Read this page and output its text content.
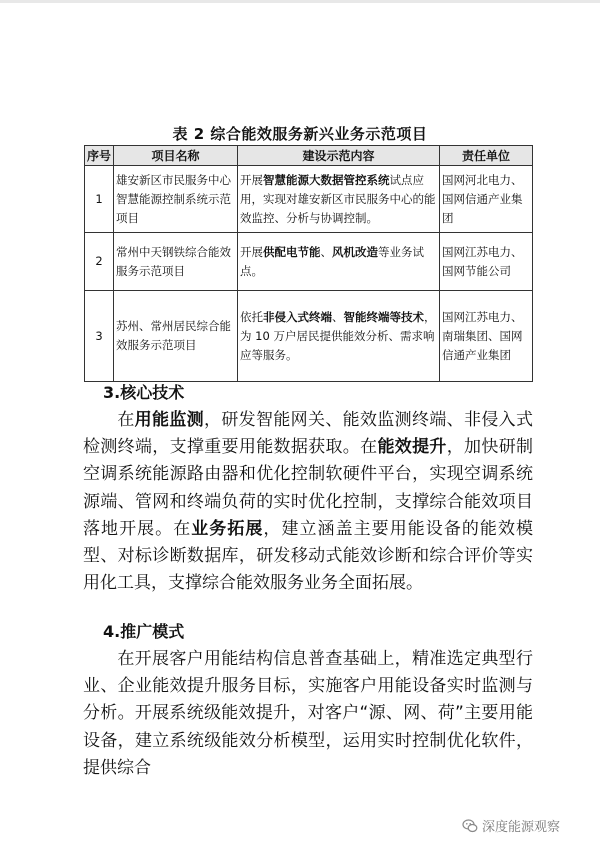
表 2 综合能效服务新兴业务示范项目
序号	项目名称	建设示范内容	责任单位
1	雄安新区市民服务中心智慧能源控制系统示范项目	开展智慧能源大数据管控系统试点应用，实现对雄安新区市民服务中心的能效监控、分析与协调控制。	国网河北电力、国网信通产业集团
2	常州中天钢铁综合能效服务示范项目	开展供配电节能、风机改造等业务试点。	国网江苏电力、国网节能公司
3	苏州、常州居民综合能效服务示范项目	依托非侵入式终端、智能终端等技术，为 10 万户居民提供能效分析、需求响应等服务。	国网江苏电力、南瑞集团、国网信通产业集团
3.核心技术
在用能监测，研发智能网关、能效监测终端、非侵入式检测终端，支撑重要用能数据获取。在能效提升，加快研制空调系统能源路由器和优化控制软硬件平台，实现空调系统源端、管网和终端负荷的实时优化控制，支撑综合能效项目落地开展。在业务拓展，建立涵盖主要用能设备的能效模型、对标诊断数据库，研发移动式能效诊断和综合评价等实用化工具，支撑综合能效服务业务全面拓展。
4.推广模式
在开展客户用能结构信息普查基础上，精准选定典型行业、企业能效提升服务目标，实施客户用能设备实时监测与分析。开展系统级能效提升，对客户“源、网、荷”主要用能设备，建立系统级能效分析模型，运用实时控制优化软件，提供综合
深度能源观察
